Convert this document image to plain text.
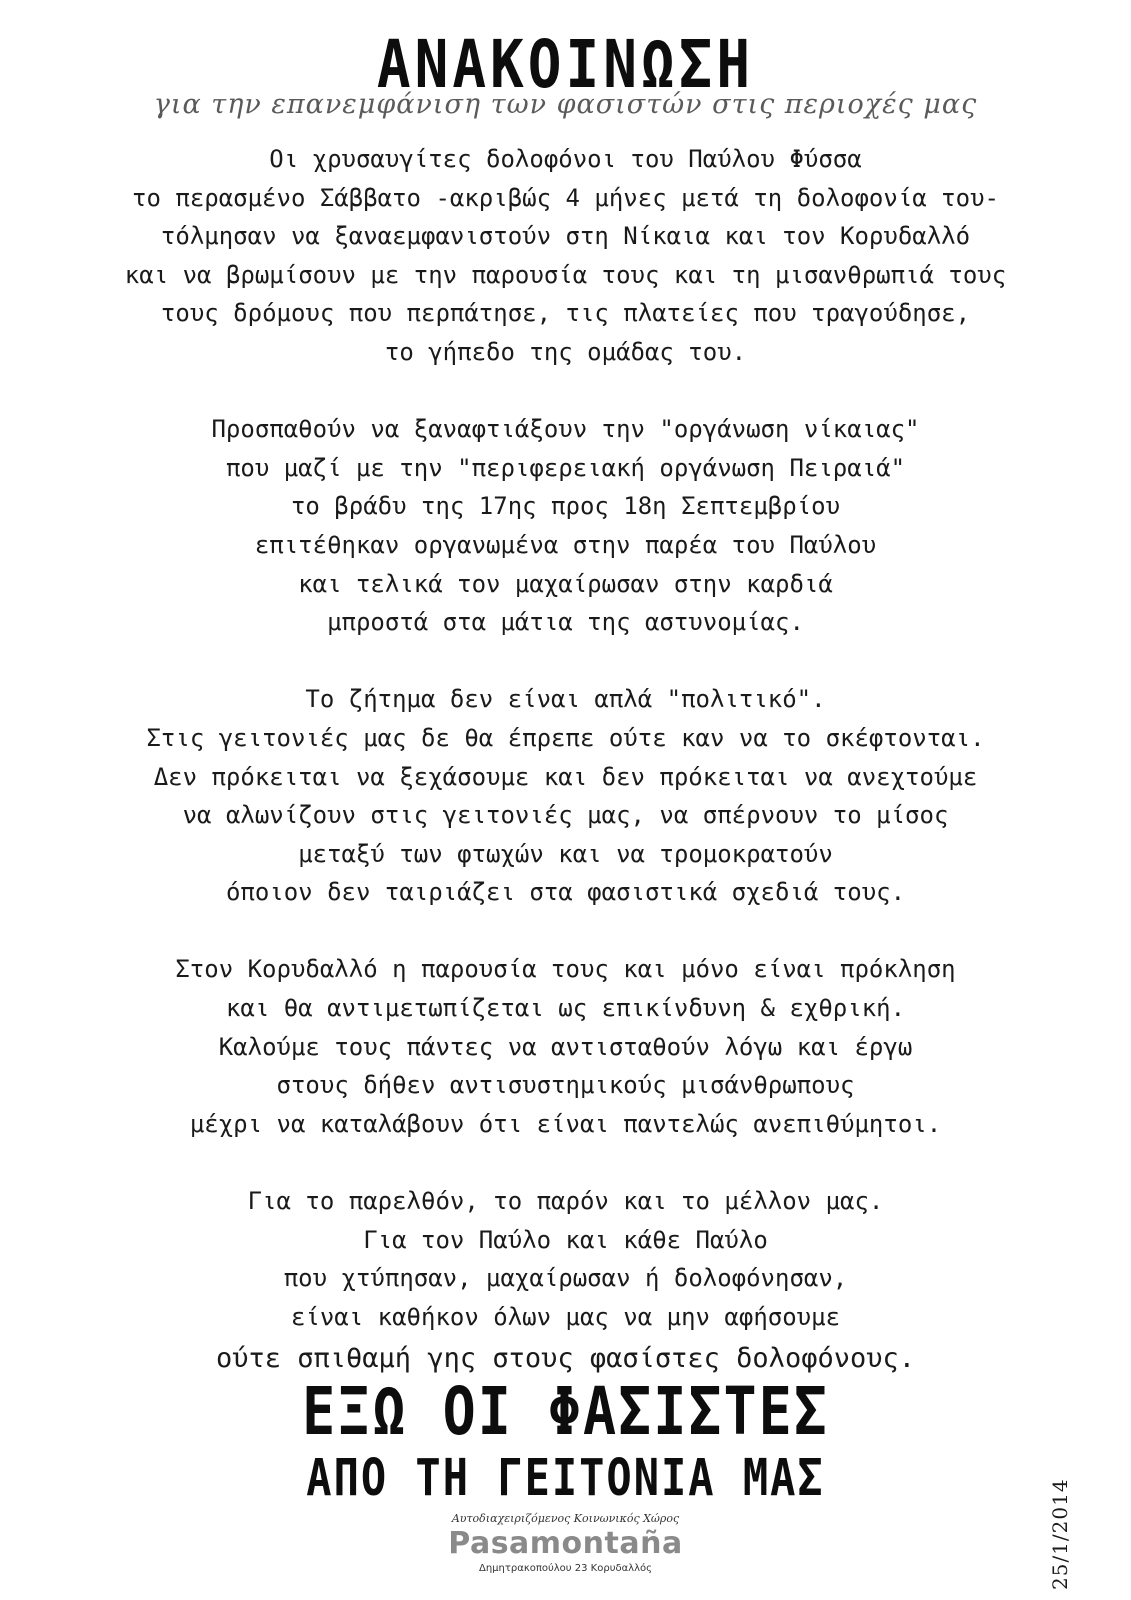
ΑΝΑΚΟΙΝΩΣΗ
για την επανεμφάνιση των φασιστών στις περιοχές μας
Οι χρυσαυγίτες δολοφόνοι του Παύλου Φύσσα
το περασμένο Σάββατο -ακριβώς 4 μήνες μετά τη δολοφονία του-
τόλμησαν να ξαναεμφανιστούν στη Νίκαια και τον Κορυδαλλό
και να βρωμίσουν με την παρουσία τους και τη μισανθρωπιά τους
τους δρόμους που περπάτησε, τις πλατείες που τραγούδησε,
το γήπεδο της ομάδας του.
Προσπαθούν να ξαναφτιάξουν την "οργάνωση νίκαιας"
που μαζί με την "περιφερειακή οργάνωση Πειραιά"
το βράδυ της 17ης προς 18η Σεπτεμβρίου
επιτέθηκαν οργανωμένα στην παρέα του Παύλου
και τελικά τον μαχαίρωσαν στην καρδιά
μπροστά στα μάτια της αστυνομίας.
Το ζήτημα δεν είναι απλά "πολιτικό".
Στις γειτονιές μας δε θα έπρεπε ούτε καν να το σκέφτονται.
Δεν πρόκειται να ξεχάσουμε και δεν πρόκειται να ανεχτούμε
να αλωνίζουν στις γειτονιές μας, να σπέρνουν το μίσος
μεταξύ των φτωχών και να τρομοκρατούν
όποιον δεν ταιριάζει στα φασιστικά σχεδιά τους.
Στον Κορυδαλλό η παρουσία τους και μόνο είναι πρόκληση
και θα αντιμετωπίζεται ως επικίνδυνη & εχθρική.
Καλούμε τους πάντες να αντισταθούν λόγω και έργω
στους δήθεν αντισυστημικούς μισάνθρωπους
μέχρι να καταλάβουν ότι είναι παντελώς ανεπιθύμητοι.
Για το παρελθόν, το παρόν και το μέλλον μας.
Για τον Παύλο και κάθε Παύλο
που χτύπησαν, μαχαίρωσαν ή δολοφόνησαν,
είναι καθήκον όλων μας να μην αφήσουμε
ούτε σπιθαμή γης στους φασίστες δολοφόνους.
ΕΞΩ ΟΙ ΦΑΣΙΣΤΕΣ
ΑΠΟ ΤΗ ΓΕΙΤΟΝΙΑ ΜΑΣ
Αυτοδιαχειριζόμενος Κοινωνικός Χώρος
Pasamontaña
Δημητρακοπούλου 23 Κορυδαλλός	25/1/2014
